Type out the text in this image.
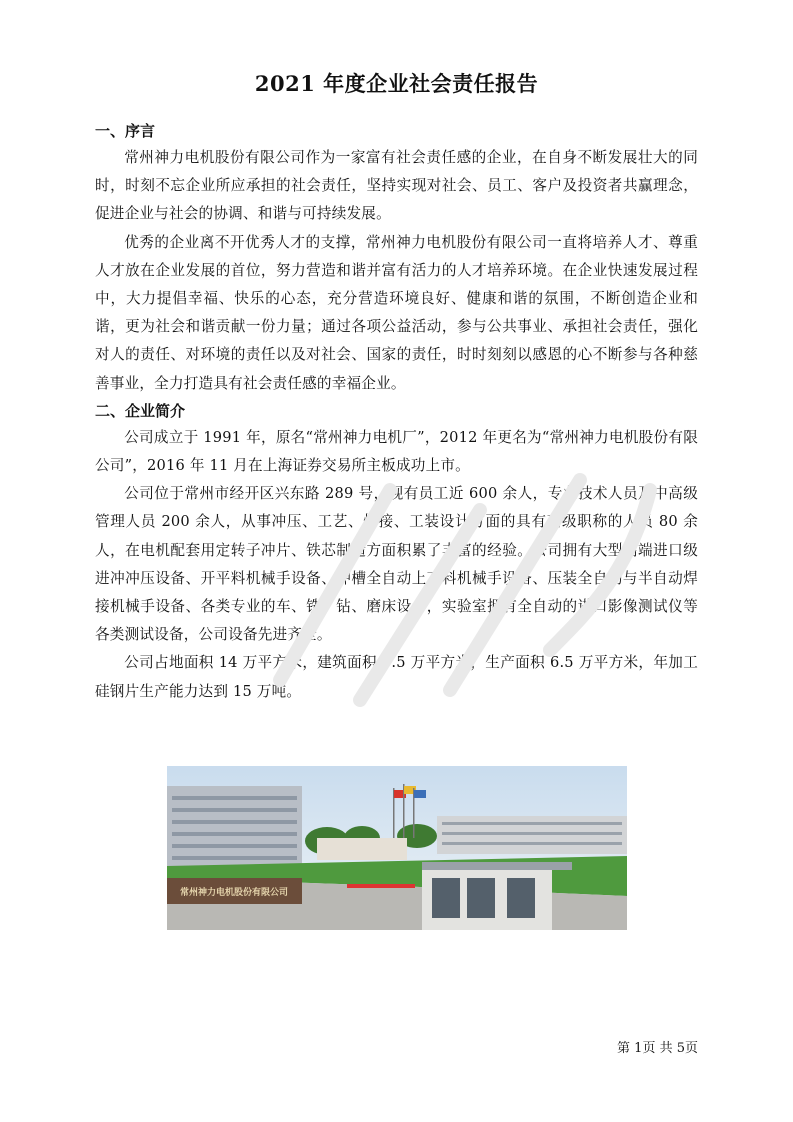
2021 年度企业社会责任报告
一、序言

常州神力电机股份有限公司作为一家富有社会责任感的企业，在自身不断发展壮大的同时，时刻不忘企业所应承担的社会责任，坚持实现对社会、员工、客户及投资者共赢理念，促进企业与社会的协调、和谐与可持续发展。

优秀的企业离不开优秀人才的支撑，常州神力电机股份有限公司一直将培养人才、尊重人才放在企业发展的首位，努力营造和谐并富有活力的人才培养环境。在企业快速发展过程中，大力提倡幸福、快乐的心态，充分营造环境良好、健康和谐的氛围，不断创造企业和谐，更为社会和谐贡献一份力量；通过各项公益活动，参与公共事业、承担社会责任，强化对人的责任、对环境的责任以及对社会、国家的责任，时时刻刻以感恩的心不断参与各种慈善事业，全力打造具有社会责任感的幸福企业。

二、企业简介

公司成立于 1991 年，原名“常州神力电机厂”，2012 年更名为“常州神力电机股份有限公司”，2016 年 11 月在上海证券交易所主板成功上市。

公司位于常州市经开区兴东路 289 号，现有员工近 600 余人，专业技术人员及中高级管理人员 200 余人，从事冲压、工艺、焊接、工装设计方面的具有高级职称的人员 80 余人，在电机配套用定转子冲片、铁芯制造方面积累了丰富的经验。公司拥有大型高端进口级进冲冲压设备、开平料机械手设备、冲槽全自动上下料机械手设备、压装全自动与半自动焊接机械手设备、各类专业的车、铣、钻、磨床设备，实验室拥有全自动的进口影像测试仪等各类测试设备，公司设备先进齐全。

公司占地面积 14 万平方米，建筑面积 7.5 万平方米，生产面积 6.5 万平方米，年加工硅钢片生产能力达到 15 万吨。

常州神力电机股份有限公司
第 1页 共 5页
